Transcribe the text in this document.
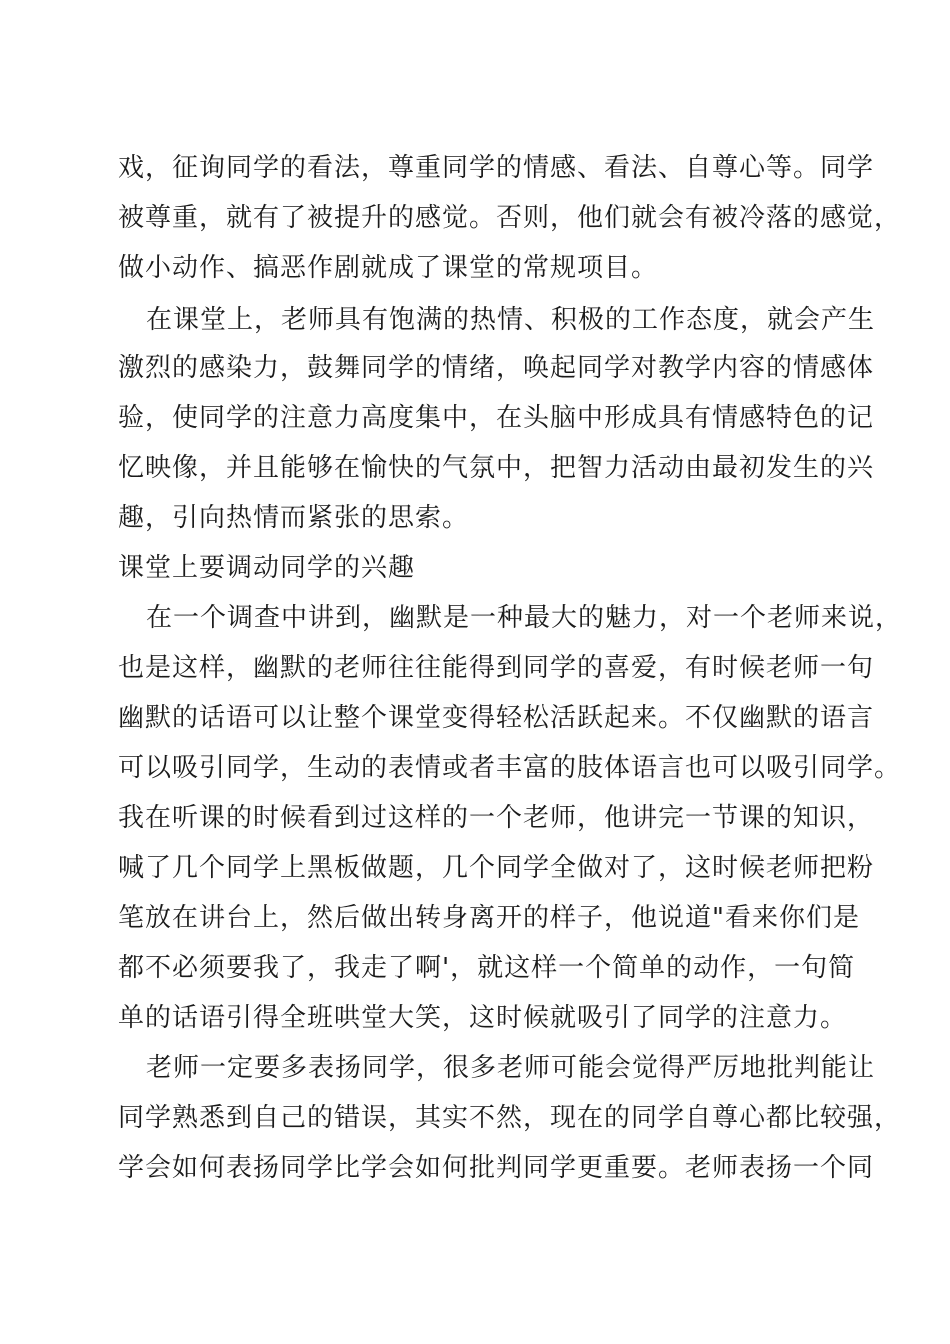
戏，征询同学的看法，尊重同学的情感、看法、自尊心等。同学
被尊重，就有了被提升的感觉。否则，他们就会有被冷落的感觉，
做小动作、搞恶作剧就成了课堂的常规项目。
在课堂上，老师具有饱满的热情、积极的工作态度，就会产生
激烈的感染力，鼓舞同学的情绪，唤起同学对教学内容的情感体
验，使同学的注意力高度集中，在头脑中形成具有情感特色的记
忆映像，并且能够在愉快的气氛中，把智力活动由最初发生的兴
趣，引向热情而紧张的思索。
课堂上要调动同学的兴趣
在一个调查中讲到，幽默是一种最大的魅力，对一个老师来说，
也是这样，幽默的老师往往能得到同学的喜爱，有时候老师一句
幽默的话语可以让整个课堂变得轻松活跃起来。不仅幽默的语言
可以吸引同学，生动的表情或者丰富的肢体语言也可以吸引同学。
我在听课的时候看到过这样的一个老师，他讲完一节课的知识，
喊了几个同学上黑板做题，几个同学全做对了，这时候老师把粉
笔放在讲台上，然后做出转身离开的样子，他说道"看来你们是
都不必须要我了，我走了啊'，就这样一个简单的动作，一句简
单的话语引得全班哄堂大笑，这时候就吸引了同学的注意力。
老师一定要多表扬同学，很多老师可能会觉得严厉地批判能让
同学熟悉到自己的错误，其实不然，现在的同学自尊心都比较强，
学会如何表扬同学比学会如何批判同学更重要。老师表扬一个同
